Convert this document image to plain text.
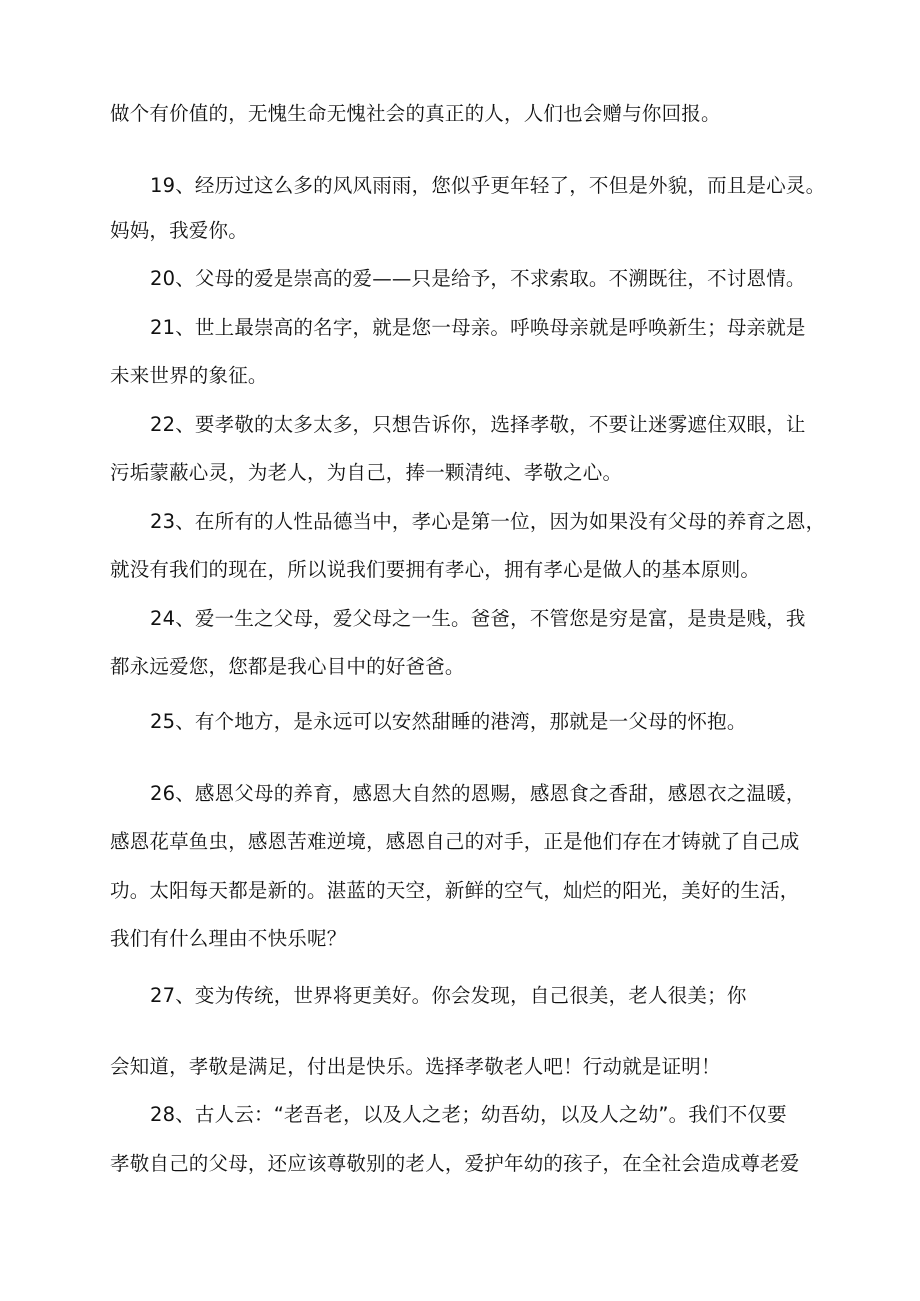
做个有价值的，无愧生命无愧社会的真正的人，人们也会赠与你回报。
19、经历过这么多的风风雨雨，您似乎更年轻了，不但是外貌，而且是心灵。
妈妈，我爱你。
20、父母的爱是崇高的爱——只是给予，不求索取。不溯既往，不讨恩情。
21、世上最崇高的名字，就是您一母亲。呼唤母亲就是呼唤新生；母亲就是
未来世界的象征。
22、要孝敬的太多太多，只想告诉你，选择孝敬，不要让迷雾遮住双眼，让
污垢蒙蔽心灵，为老人，为自己，捧一颗清纯、孝敬之心。
23、在所有的人性品德当中，孝心是第一位，因为如果没有父母的养育之恩，
就没有我们的现在，所以说我们要拥有孝心，拥有孝心是做人的基本原则。
24、爱一生之父母，爱父母之一生。爸爸，不管您是穷是富，是贵是贱，我
都永远爱您，您都是我心目中的好爸爸。
25、有个地方，是永远可以安然甜睡的港湾，那就是一父母的怀抱。
26、感恩父母的养育，感恩大自然的恩赐，感恩食之香甜，感恩衣之温暖，
感恩花草鱼虫，感恩苦难逆境，感恩自己的对手，正是他们存在才铸就了自己成
功。太阳每天都是新的。湛蓝的天空，新鲜的空气，灿烂的阳光，美好的生活，
我们有什么理由不快乐呢？
27、变为传统，世界将更美好。你会发现，自己很美，老人很美；你
会知道，孝敬是满足，付出是快乐。选择孝敬老人吧！行动就是证明！
28、古人云：“老吾老，以及人之老；幼吾幼，以及人之幼”。我们不仅要
孝敬自己的父母，还应该尊敬别的老人，爱护年幼的孩子，在全社会造成尊老爱
